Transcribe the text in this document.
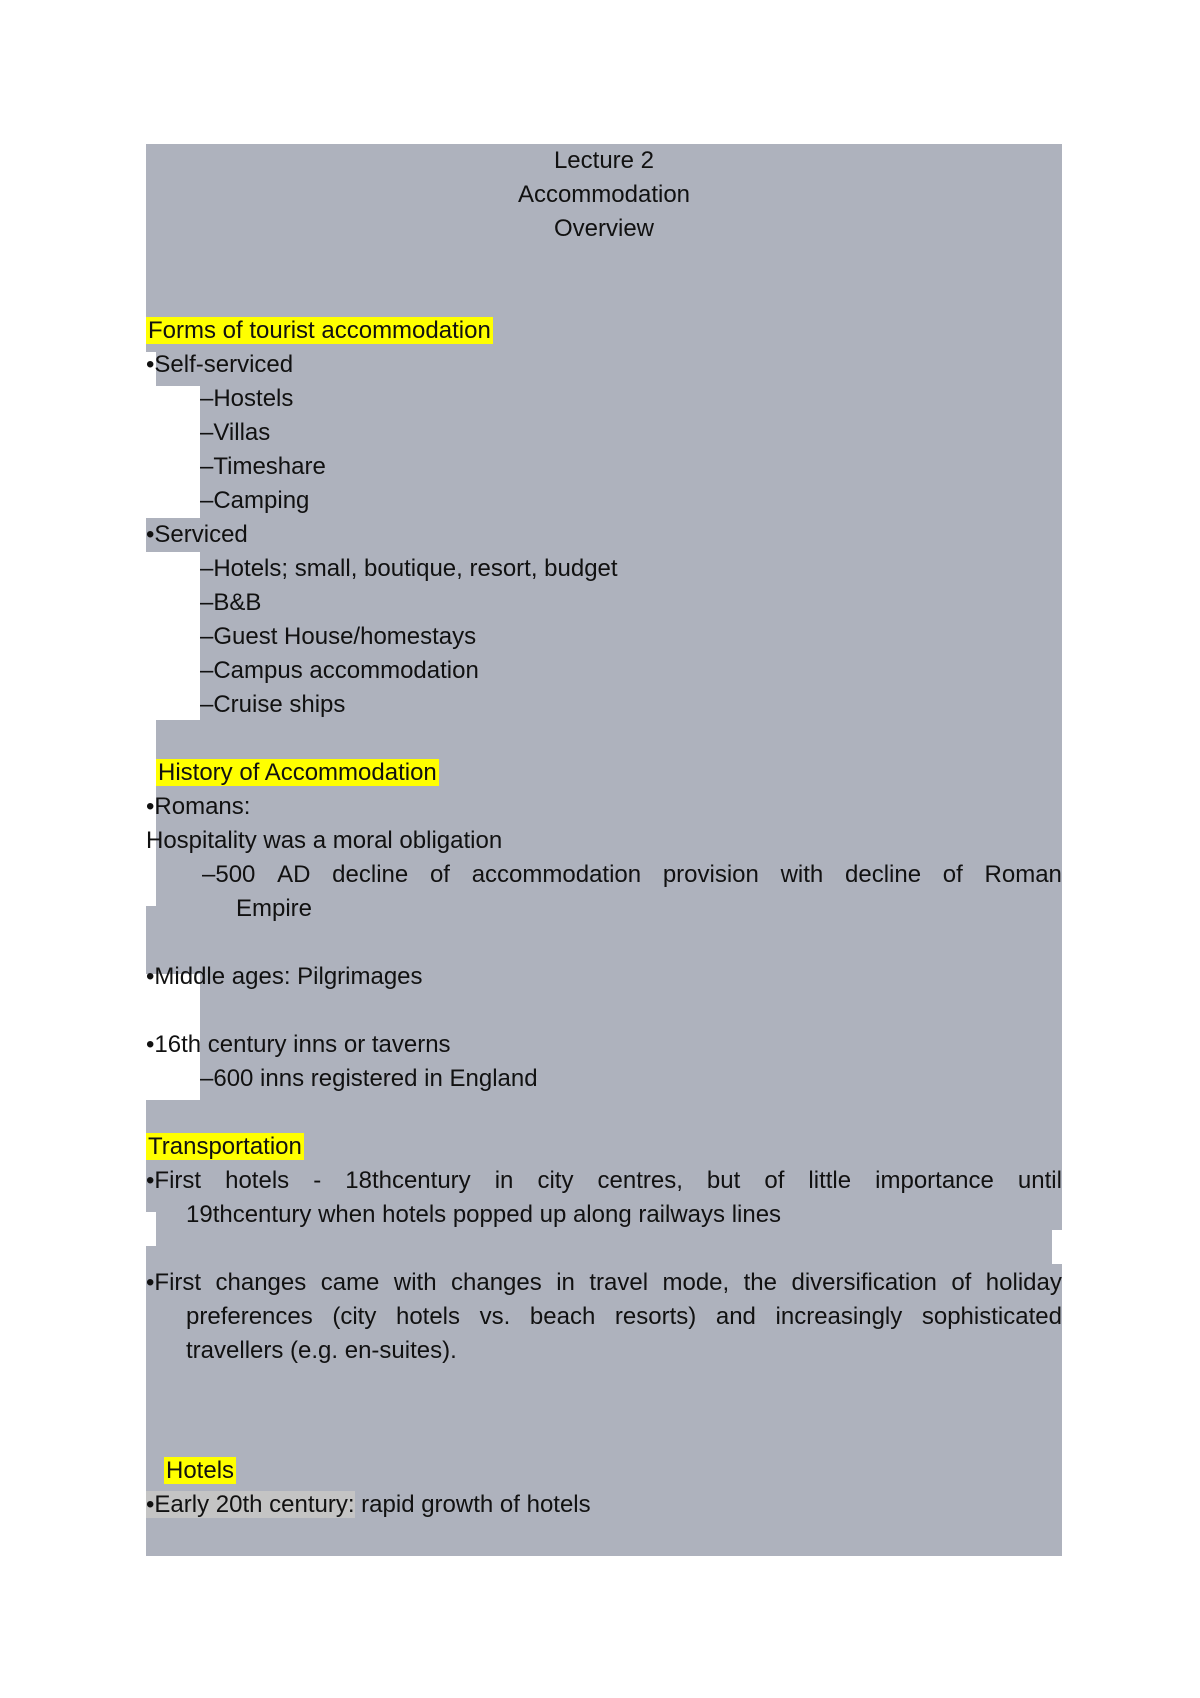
Lecture 2
Accommodation
Overview
Forms of tourist accommodation
•Self-serviced
–Hostels
–Villas
–Timeshare
–Camping
•Serviced
–Hotels; small, boutique, resort, budget
–B&B
–Guest House/homestays
–Campus accommodation
–Cruise ships
History of Accommodation
•Romans:
Hospitality was a moral obligation
–500 AD decline of accommodation provision with decline of Roman
Empire
•Middle ages: Pilgrimages
•16th century inns or taverns
–600 inns registered in England
Transportation
•First hotels - 18thcentury in city centres, but of little importance until
19thcentury when hotels popped up along railways lines
•First changes came with changes in travel mode, the diversification of holiday
preferences (city hotels vs. beach resorts) and increasingly sophisticated
travellers (e.g. en-suites).
Hotels
•Early 20th century: rapid growth of hotels
